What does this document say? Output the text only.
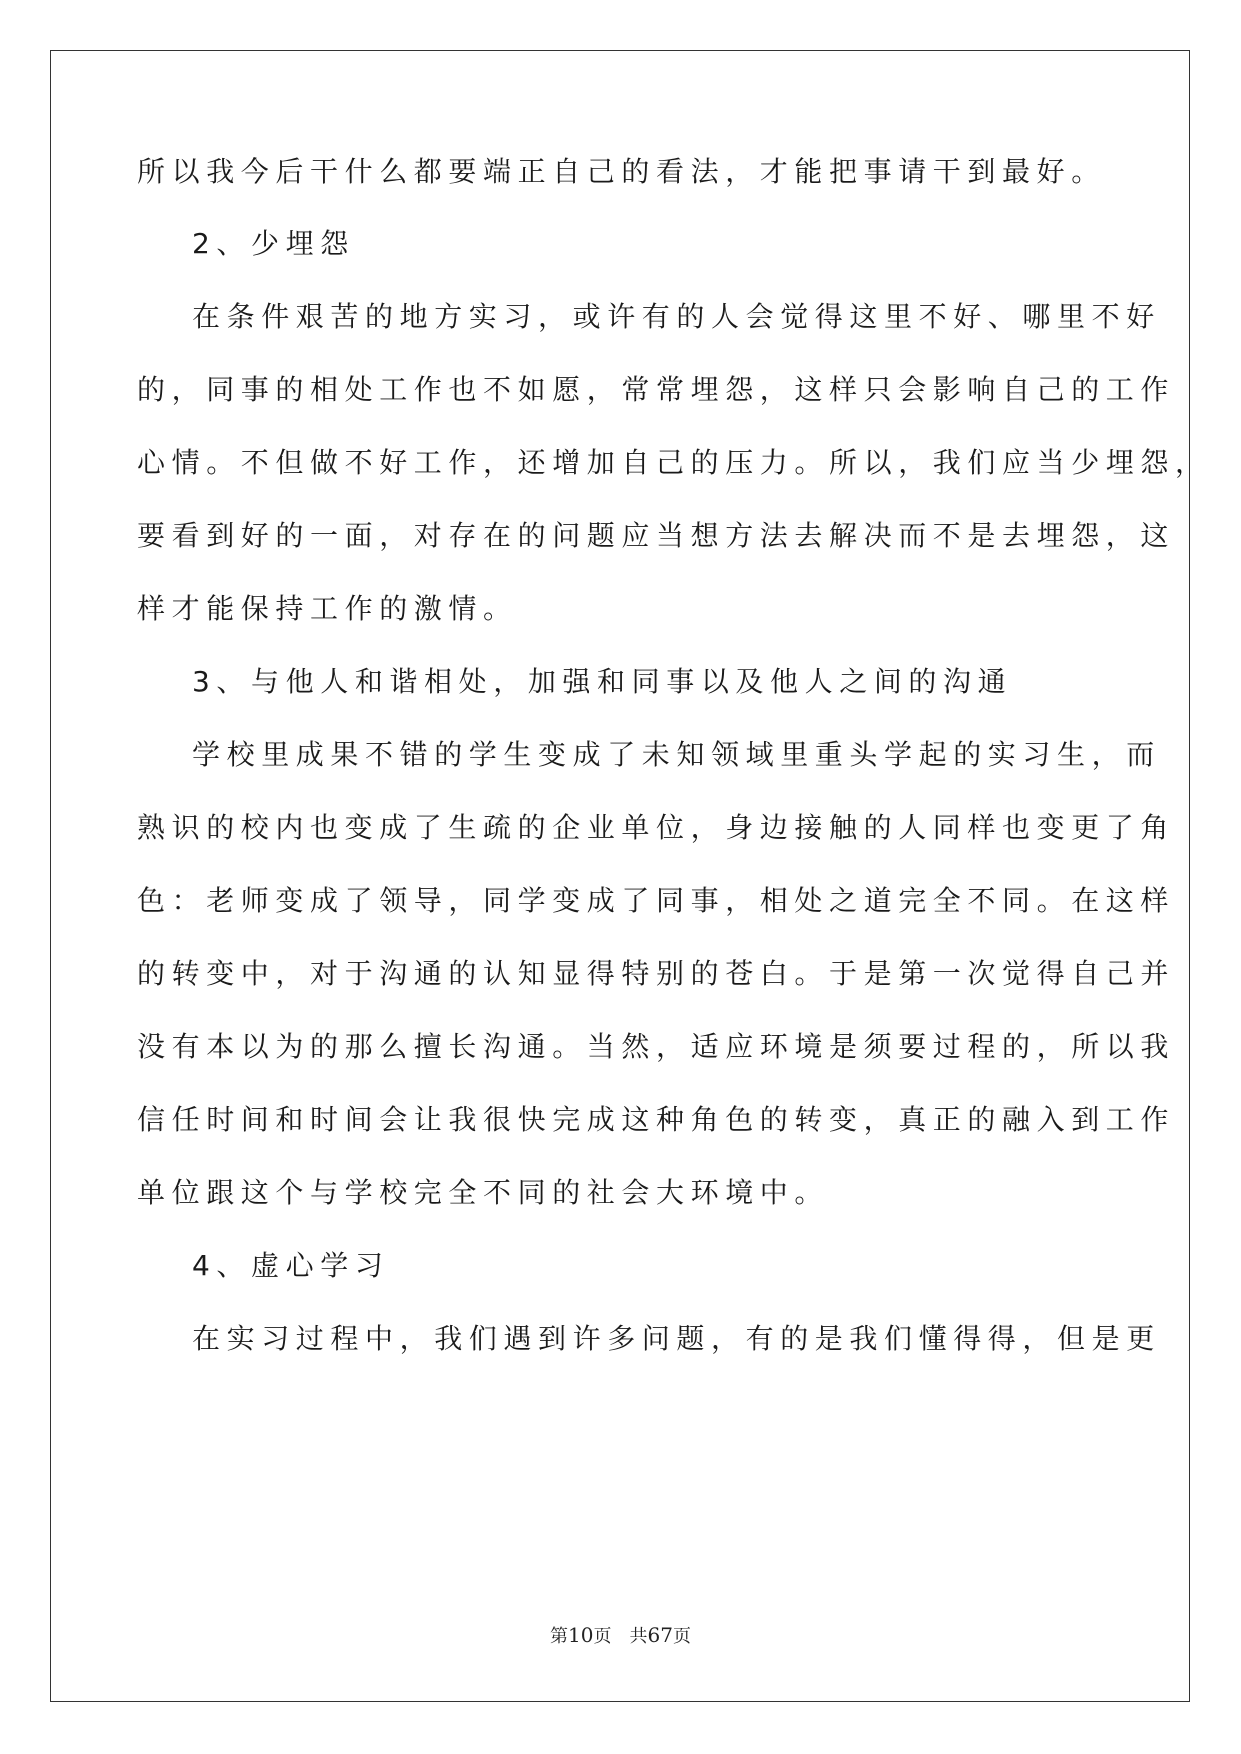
所以我今后干什么都要端正自己的看法，才能把事请干到最好。
2、少埋怨
在条件艰苦的地方实习，或许有的人会觉得这里不好、哪里不好
的，同事的相处工作也不如愿，常常埋怨，这样只会影响自己的工作
心情。不但做不好工作，还增加自己的压力。所以，我们应当少埋怨，
要看到好的一面，对存在的问题应当想方法去解决而不是去埋怨，这
样才能保持工作的激情。
3、与他人和谐相处，加强和同事以及他人之间的沟通
学校里成果不错的学生变成了未知领域里重头学起的实习生，而
熟识的校内也变成了生疏的企业单位，身边接触的人同样也变更了角
色：老师变成了领导，同学变成了同事，相处之道完全不同。在这样
的转变中，对于沟通的认知显得特别的苍白。于是第一次觉得自己并
没有本以为的那么擅长沟通。当然，适应环境是须要过程的，所以我
信任时间和时间会让我很快完成这种角色的转变，真正的融入到工作
单位跟这个与学校完全不同的社会大环境中。
4、虚心学习
在实习过程中，我们遇到许多问题，有的是我们懂得得，但是更
第10页 共67页
